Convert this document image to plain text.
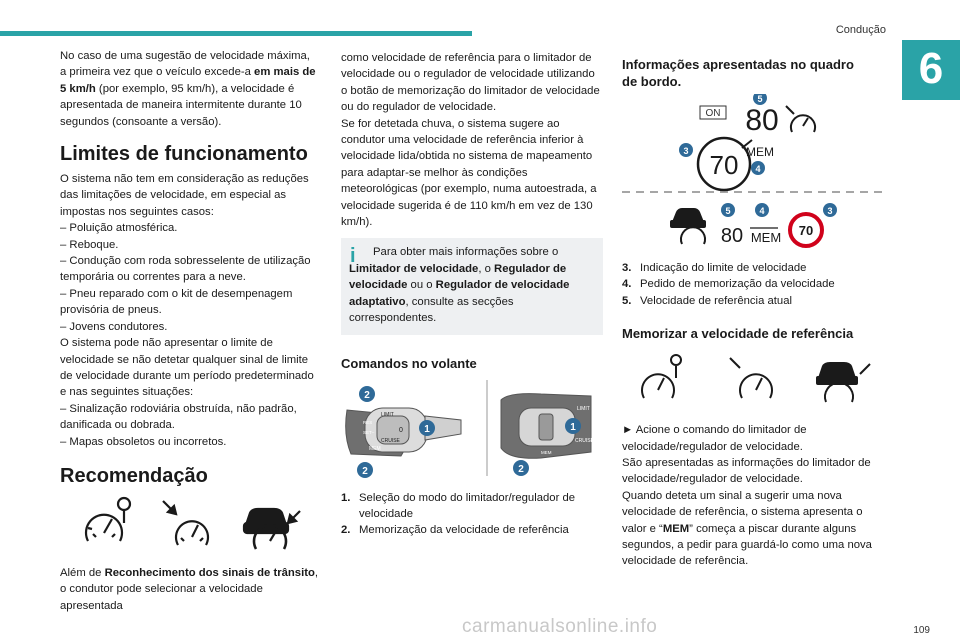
Condução
6

No caso de uma sugestão de velocidade máxima,
a primeira vez que o veículo excede-a em mais de 5 km/h (por exemplo, 95 km/h), a velocidade é apresentada de maneira intermitente durante 10 segundos (consoante a versão).

Limites de funcionamento

O sistema não tem em consideração as reduções das limitações de velocidade, em especial as impostas nos seguintes casos:

– Poluição atmosférica.

– Reboque.

– Condução com roda sobresselente de utilização temporária ou correntes para a neve.

– Pneu reparado com o kit de desempenagem provisória de pneus.

– Jovens condutores.

O sistema pode não apresentar o limite de velocidade se não detetar qualquer sinal de limite de velocidade durante um período predeterminado e nas seguintes situações:

– Sinalização rodoviária obstruída, não padrão, danificada ou dobrada.

– Mapas obsoletos ou incorretos.

Recomendação

Além de Reconhecimento dos sinais de trânsito, o condutor pode selecionar a velocidade apresentada

como velocidade de referência para o limitador de velocidade ou o regulador de velocidade utilizando o botão de memorização do limitador de velocidade ou do regulador de velocidade.

Se for detetada chuva, o sistema sugere ao condutor uma velocidade de referência inferior à velocidade lida/obtida no sistema de mapeamento para adaptar-se melhor às condições meteorológicas (por exemplo, numa autoestrada, a velocidade sugerida é de 110 km/h em vez de 130 km/h).

i	Para obter mais informações sobre o Limitador de velocidade, o Regulador de velocidade ou o Regulador de velocidade adaptativo, consulte as secções correspondentes.

Comandos no volante
LIMIT
CRUISE
RES
SET–
MEM
0
2
1
2
LIMIT
CRUISE
MEM
1
2
1. Seleção do modo do limitador/regulador de velocidade
2. Memorização da velocidade de referência
Informações apresentadas no quadro de bordo.
ON
5
80
70
3	MEM
4
5	4	3
80 MEM 70
3. Indicação do limite de velocidade
4. Pedido de memorização da velocidade
5. Velocidade de referência atual
Memorizar a velocidade de referência

► Acione o comando do limitador de velocidade/regulador de velocidade.

São apresentadas as informações do limitador de velocidade/regulador de velocidade.

Quando deteta um sinal a sugerir uma nova velocidade de referência, o sistema apresenta o valor e “MEM” começa a piscar durante alguns segundos, a pedir para guardá-lo como uma nova velocidade de referência.

carmanualsonline.info	109
